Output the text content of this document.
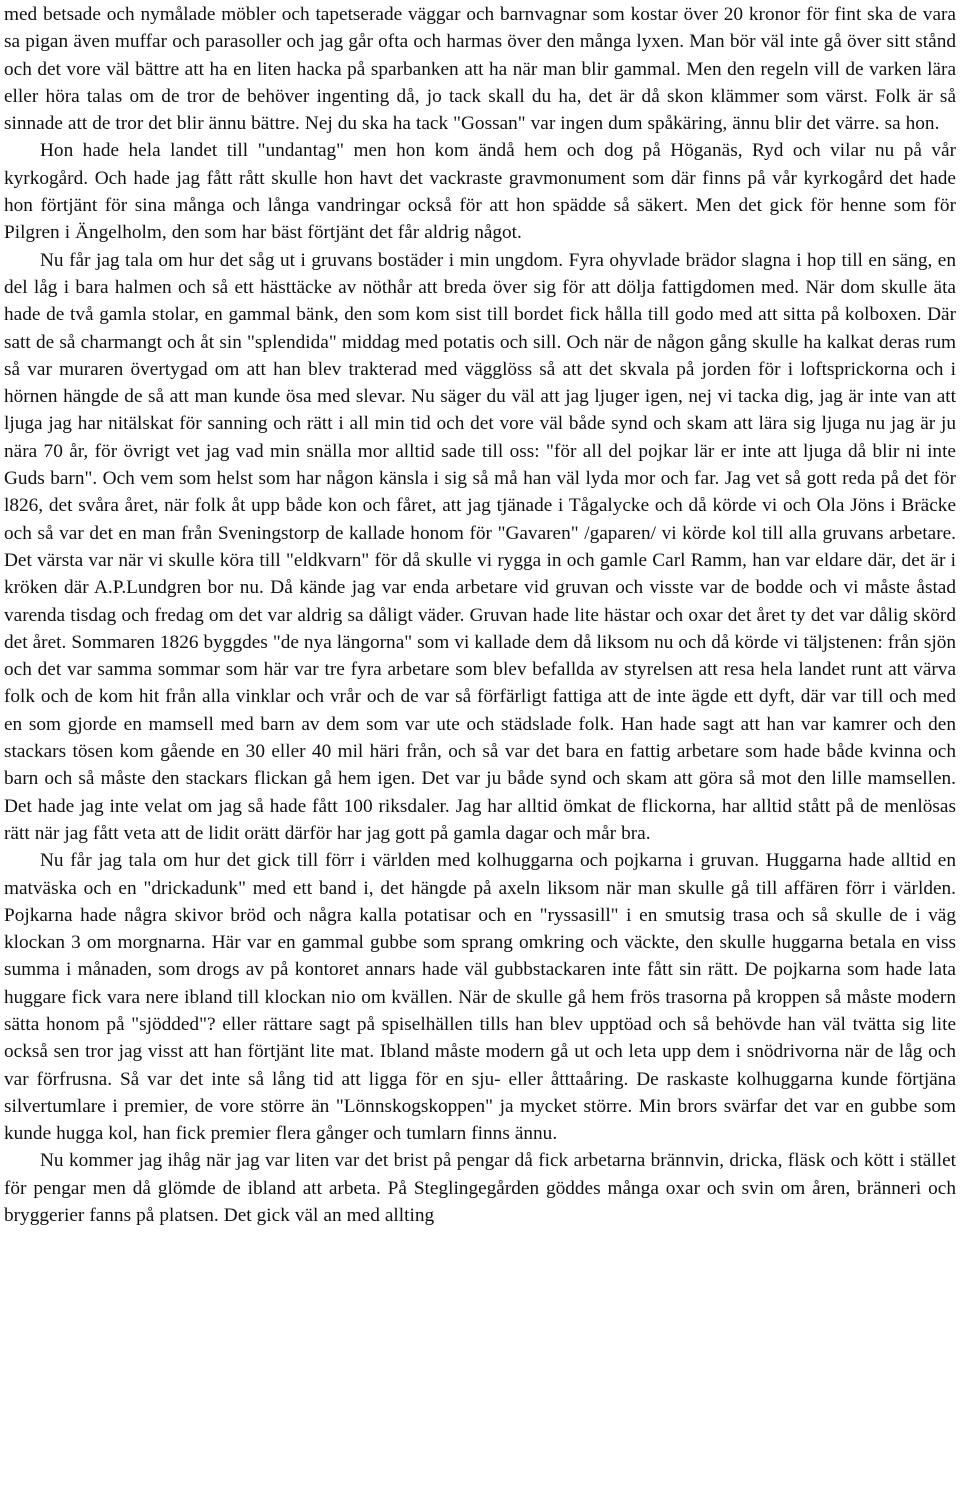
med betsade och nymålade möbler och tapetserade väggar och barnvagnar som kostar över 20 kronor för fint ska de vara sa pigan även muffar och parasoller och jag går ofta och harmas över den många lyxen. Man bör väl inte gå över sitt stånd och det vore väl bättre att ha en liten hacka på sparbanken att ha när man blir gammal. Men den regeln vill de varken lära eller höra talas om de tror de behöver ingenting då, jo tack skall du ha, det är då skon klämmer som värst. Folk är så sinnade att de tror det blir ännu bättre. Nej du ska ha tack "Gossan" var ingen dum spåkäring, ännu blir det värre. sa hon.

Hon hade hela landet till "undantag" men hon kom ändå hem och dog på Höganäs, Ryd och vilar nu på vår kyrkogård. Och hade jag fått rått skulle hon havt det vackraste gravmonument som där finns på vår kyrkogård det hade hon förtjänt för sina många och långa vandringar också för att hon spädde så säkert. Men det gick för henne som för Pilgren i Ängelholm, den som har bäst förtjänt det får aldrig något.

Nu får jag tala om hur det såg ut i gruvans bostäder i min ungdom. Fyra ohyvlade brädor slagna i hop till en säng, en del låg i bara halmen och så ett hästtäcke av nöthår att breda över sig för att dölja fattigdomen med. När dom skulle äta hade de två gamla stolar, en gammal bänk, den som kom sist till bordet fick hålla till godo med att sitta på kolboxen. Där satt de så charmangt och åt sin "splendida" middag med potatis och sill. Och när de någon gång skulle ha kalkat deras rum så var muraren övertygad om att han blev trakterad med vägglöss så att det skvala på jorden för i loftsprickorna och i hörnen hängde de så att man kunde ösa med slevar. Nu säger du väl att jag ljuger igen, nej vi tacka dig, jag är inte van att ljuga jag har nitälskat för sanning och rätt i all min tid och det vore väl både synd och skam att lära sig ljuga nu jag är ju nära 70 år, för övrigt vet jag vad min snälla mor alltid sade till oss: "för all del pojkar lär er inte att ljuga då blir ni inte Guds barn". Och vem som helst som har någon känsla i sig så må han väl lyda mor och far. Jag vet så gott reda på det för l826, det svåra året, när folk åt upp både kon och fåret, att jag tjänade i Tågalycke och då körde vi och Ola Jöns i Bräcke och så var det en man från Sveningstorp de kallade honom för "Gavaren" /gaparen/ vi körde kol till alla gruvans arbetare. Det värsta var när vi skulle köra till "eldkvarn" för då skulle vi rygga in och gamle Carl Ramm, han var eldare där, det är i kröken där A.P.Lundgren bor nu. Då kände jag var enda arbetare vid gruvan och visste var de bodde och vi måste åstad varenda tisdag och fredag om det var aldrig sa dåligt väder. Gruvan hade lite hästar och oxar det året ty det var dålig skörd det året. Sommaren 1826 byggdes "de nya längorna" som vi kallade dem då liksom nu och då körde vi täljstenen: från sjön och det var samma sommar som här var tre fyra arbetare som blev befallda av styrelsen att resa hela landet runt att värva folk och de kom hit från alla vinklar och vrår och de var så förfärligt fattiga att de inte ägde ett dyft, där var till och med en som gjorde en mamsell med barn av dem som var ute och städslade folk. Han hade sagt att han var kamrer och den stackars tösen kom gående en 30 eller 40 mil häri från, och så var det bara en fattig arbetare som hade både kvinna och barn och så måste den stackars flickan gå hem igen. Det var ju både synd och skam att göra så mot den lille mamsellen. Det hade jag inte velat om jag så hade fått 100 riksdaler. Jag har alltid ömkat de flickorna, har alltid stått på de menlösas rätt när jag fått veta att de lidit orätt därför har jag gott på gamla dagar och mår bra.

Nu får jag tala om hur det gick till förr i världen med kolhuggarna och pojkarna i gruvan. Huggarna hade alltid en matväska och en "drickadunk" med ett band i, det hängde på axeln liksom när man skulle gå till affären förr i världen. Pojkarna hade några skivor bröd och några kalla potatisar och en "ryssasill" i en smutsig trasa och så skulle de i väg klockan 3 om morgnarna. Här var en gammal gubbe som sprang omkring och väckte, den skulle huggarna betala en viss summa i månaden, som drogs av på kontoret annars hade väl gubbstackaren inte fått sin rätt. De pojkarna som hade lata huggare fick vara nere ibland till klockan nio om kvällen. När de skulle gå hem frös trasorna på kroppen så måste modern sätta honom på "sjödded"? eller rättare sagt på spiselhällen tills han blev upptöad och så behövde han väl tvätta sig lite också sen tror jag visst att han förtjänt lite mat. Ibland måste modern gå ut och leta upp dem i snödrivorna när de låg och var förfrusna. Så var det inte så lång tid att ligga för en sju- eller åtttaåring. De raskaste kolhuggarna kunde förtjäna silvertumlare i premier, de vore större än "Lönnskogskoppen" ja mycket större. Min brors svärfar det var en gubbe som kunde hugga kol, han fick premier flera gånger och tumlarn finns ännu.

Nu kommer jag ihåg när jag var liten var det brist på pengar då fick arbetarna brännvin, dricka, fläsk och kött i stället för pengar men då glömde de ibland att arbeta. På Steglingegården göddes många oxar och svin om åren, bränneri och bryggerier fanns på platsen. Det gick väl an med allting
